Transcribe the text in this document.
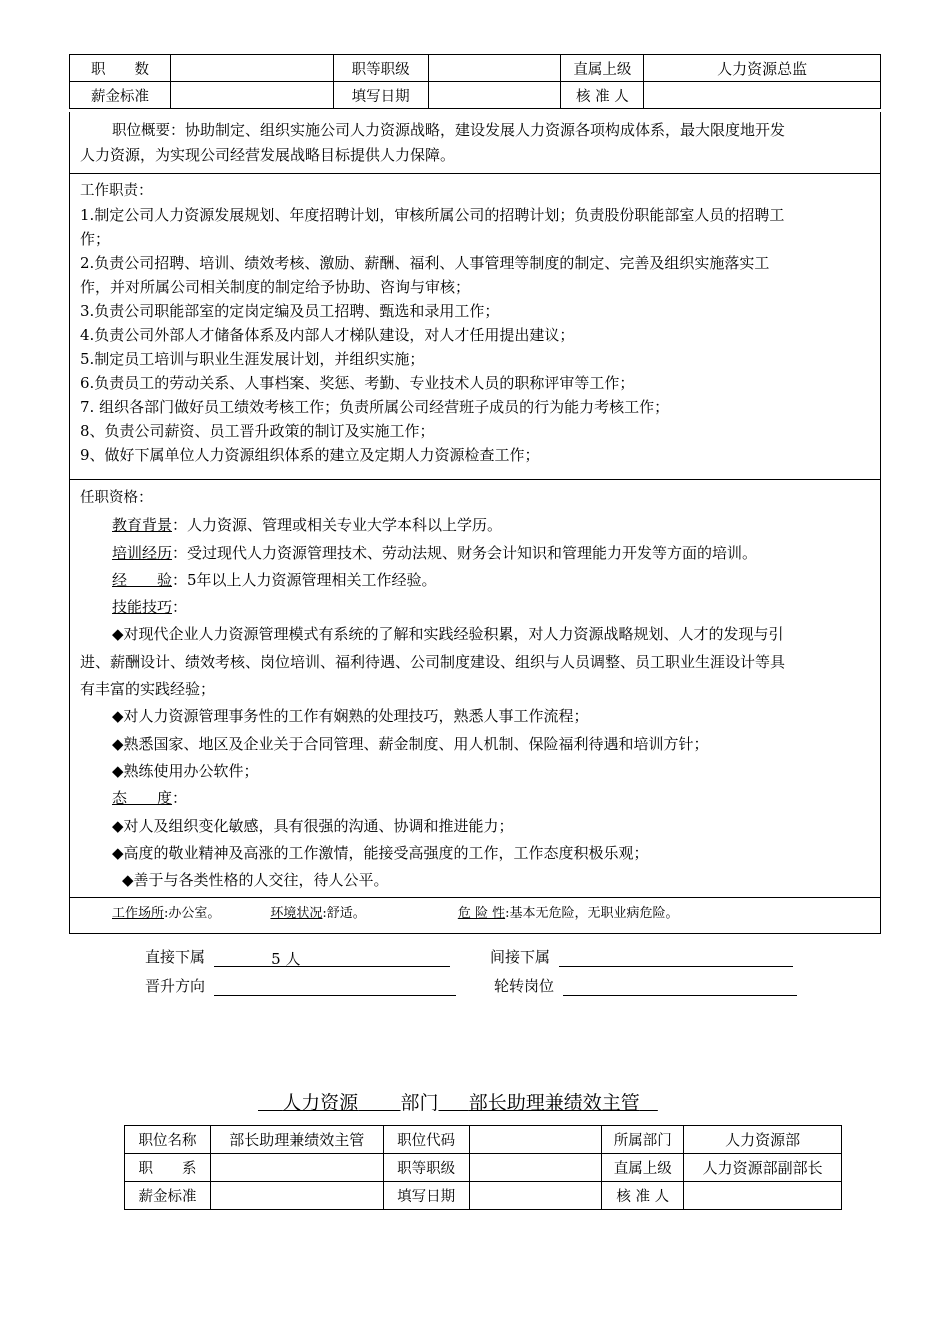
职　　数		职等职级		直属上级	人力资源总监
薪金标准		填写日期		核 准 人	
职位概要：协助制定、组织实施公司人力资源战略，建设发展人力资源各项构成体系，最大限度地开发
人力资源，为实现公司经营发展战略目标提供人力保障。
工作职责：
1.制定公司人力资源发展规划、年度招聘计划，审核所属公司的招聘计划；负责股份职能部室人员的招聘工
作；
2.负责公司招聘、培训、绩效考核、激励、薪酬、福利、人事管理等制度的制定、完善及组织实施落实工
作，并对所属公司相关制度的制定给予协助、咨询与审核；
3.负责公司职能部室的定岗定编及员工招聘、甄选和录用工作；
4.负责公司外部人才储备体系及内部人才梯队建设，对人才任用提出建议；
5.制定员工培训与职业生涯发展计划，并组织实施；
6.负责员工的劳动关系、人事档案、奖惩、考勤、专业技术人员的职称评审等工作；
7. 组织各部门做好员工绩效考核工作；负责所属公司经营班子成员的行为能力考核工作；
8、负责公司薪资、员工晋升政策的制订及实施工作；
9、做好下属单位人力资源组织体系的建立及定期人力资源检查工作；
任职资格：
教育背景：人力资源、管理或相关专业大学本科以上学历。
培训经历：受过现代人力资源管理技术、劳动法规、财务会计知识和管理能力开发等方面的培训。
经　　验：5年以上人力资源管理相关工作经验。
技能技巧：
◆对现代企业人力资源管理模式有系统的了解和实践经验积累，对人力资源战略规划、人才的发现与引
进、薪酬设计、绩效考核、岗位培训、福利待遇、公司制度建设、组织与人员调整、员工职业生涯设计等具
有丰富的实践经验；
◆对人力资源管理事务性的工作有娴熟的处理技巧，熟悉人事工作流程；
◆熟悉国家、地区及企业关于合同管理、薪金制度、用人机制、保险福利待遇和培训方针；
◆熟练使用办公软件；
态　　度：
◆对人及组织变化敏感，具有很强的沟通、协调和推进能力；
◆高度的敬业精神及高涨的工作激情，能接受高强度的工作，工作态度积极乐观；
◆善于与各类性格的人交往，待人公平。
工作场所:办公室。	环境状况:舒适。	危 险 性:基本无危险，无职业病危险。
直接下属	5 人	间接下属
晋升方向	轮转岗位
人力资源 部门 部长助理兼绩效主管
职位名称	部长助理兼绩效主管	职位代码		所属部门	人力资源部
职　　系		职等职级		直属上级	人力资源部副部长
薪金标准		填写日期		核 准 人	
